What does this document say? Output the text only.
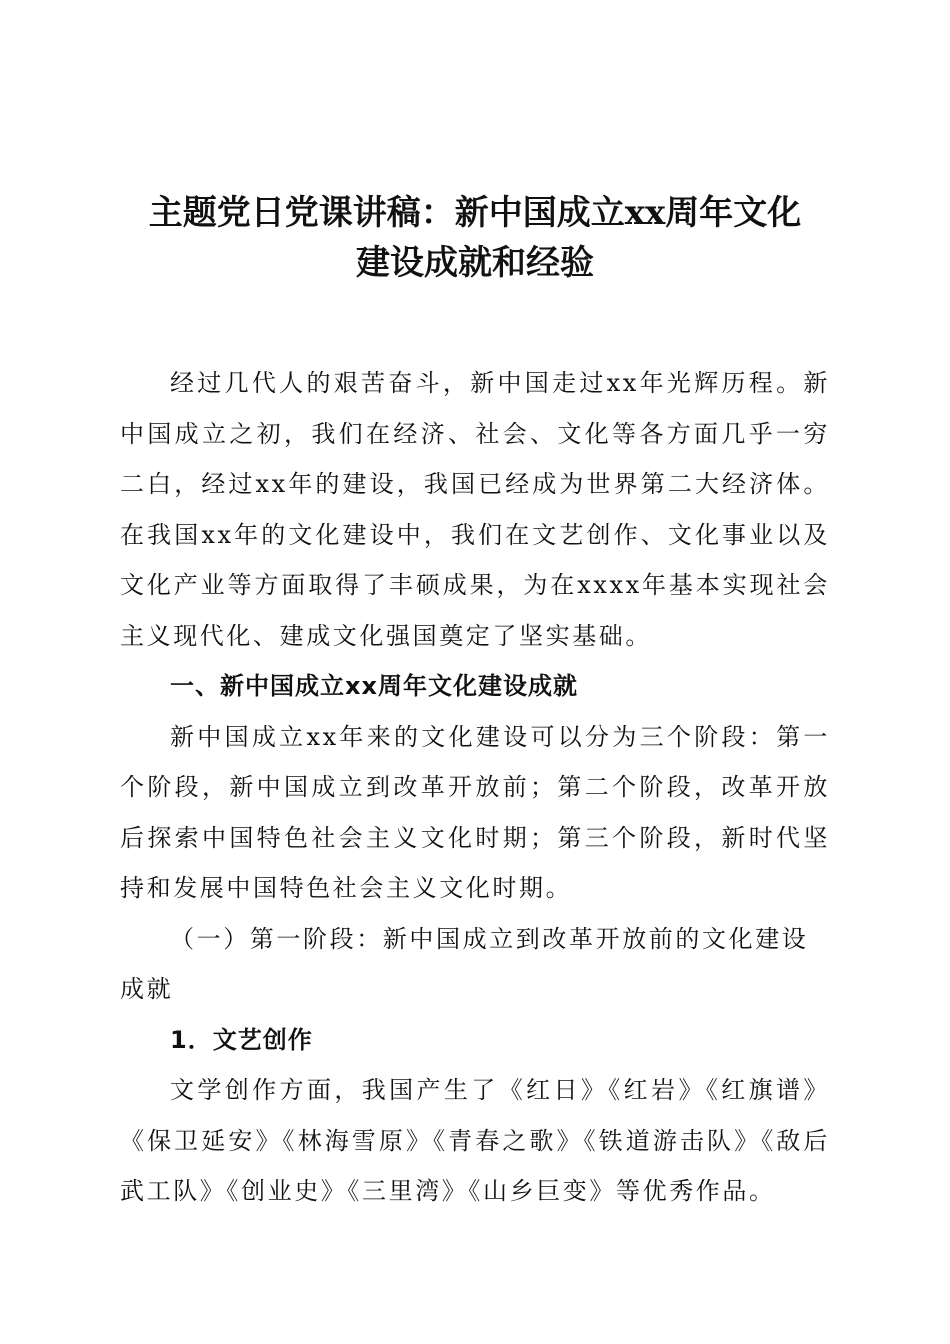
主题党日党课讲稿：新中国成立xx周年文化
建设成就和经验

经过几代人的艰苦奋斗，新中国走过xx年光辉历程。新中国成立之初，我们在经济、社会、文化等各方面几乎一穷二白，经过xx年的建设，我国已经成为世界第二大经济体。在我国xx年的文化建设中，我们在文艺创作、文化事业以及文化产业等方面取得了丰硕成果，为在xxxx年基本实现社会主义现代化、建成文化强国奠定了坚实基础。

一、新中国成立xx周年文化建设成就

新中国成立xx年来的文化建设可以分为三个阶段：第一个阶段，新中国成立到改革开放前；第二个阶段，改革开放后探索中国特色社会主义文化时期；第三个阶段，新时代坚持和发展中国特色社会主义文化时期。

（一）第一阶段：新中国成立到改革开放前的文化建设成就

1．文艺创作

文学创作方面，我国产生了《红日》《红岩》《红旗谱》《保卫延安》《林海雪原》《青春之歌》《铁道游击队》《敌后武工队》《创业史》《三里湾》《山乡巨变》等优秀作品。
